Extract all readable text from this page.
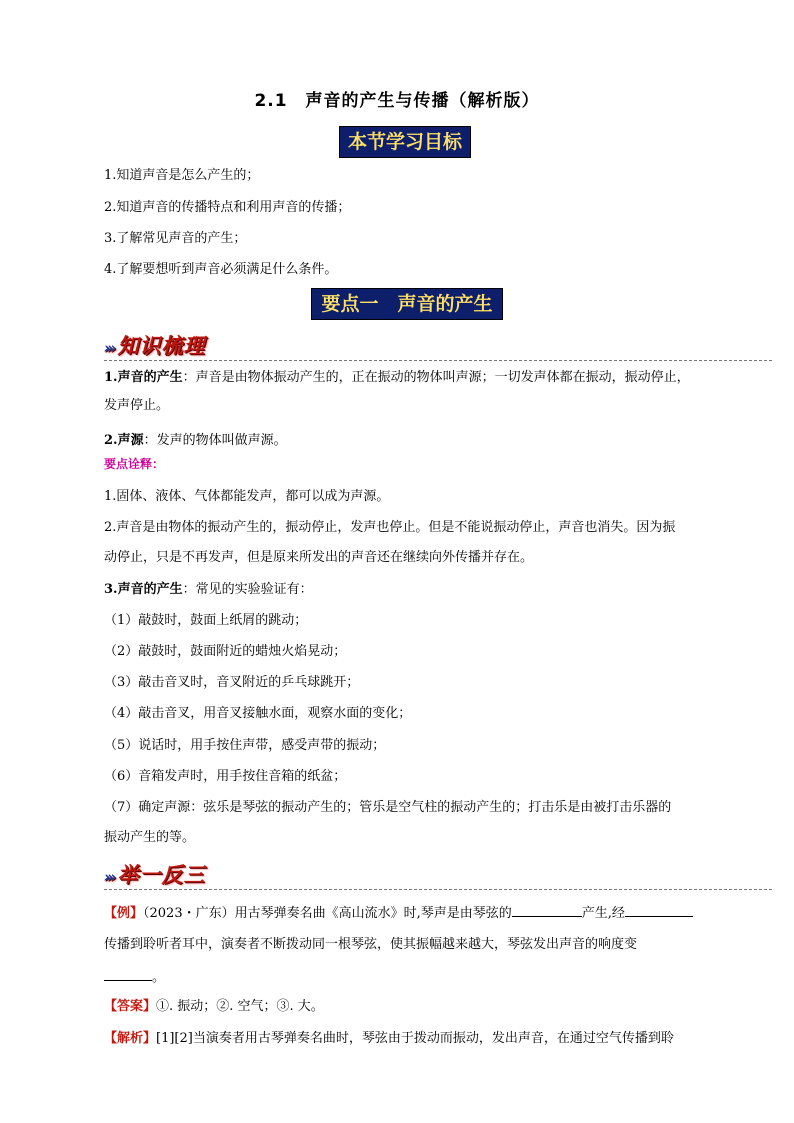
2.1　声音的产生与传播（解析版）
本节学习目标
1.知道声音是怎么产生的；
2.知道声音的传播特点和利用声音的传播；
3.了解常见声音的产生；
4.了解要想听到声音必须满足什么条件。
要点一　声音的产生
››› 知识梳理
1.声音的产生：声音是由物体振动产生的，正在振动的物体叫声源；一切发声体都在振动，振动停止，
发声停止。
2.声源：发声的物体叫做声源。
要点诠释：
1.固体、液体、气体都能发声，都可以成为声源。
2.声音是由物体的振动产生的，振动停止，发声也停止。但是不能说振动停止，声音也消失。因为振
动停止，只是不再发声，但是原来所发出的声音还在继续向外传播并存在。
3.声音的产生：常见的实验验证有：
（1）敲鼓时，鼓面上纸屑的跳动；
（2）敲鼓时，鼓面附近的蜡烛火焰晃动；
（3）敲击音叉时，音叉附近的乒乓球跳开；
（4）敲击音叉，用音叉接触水面，观察水面的变化；
（5）说话时，用手按住声带，感受声带的振动；
（6）音箱发声时，用手按住音箱的纸盆；
（7）确定声源：弦乐是琴弦的振动产生的；管乐是空气柱的振动产生的；打击乐是由被打击乐器的
振动产生的等。
››› 举一反三
【例】（2023・广东）用古琴弹奏名曲《高山流水》时,琴声是由琴弦的	产生,经
传播到聆听者耳中，演奏者不断拨动同一根琴弦，使其振幅越来越大，琴弦发出声音的响度变
。
【答案】①. 振动；②. 空气；③. 大。
【解析】[1][2]当演奏者用古琴弹奏名曲时，琴弦由于拨动而振动，发出声音，在通过空气传播到聆
